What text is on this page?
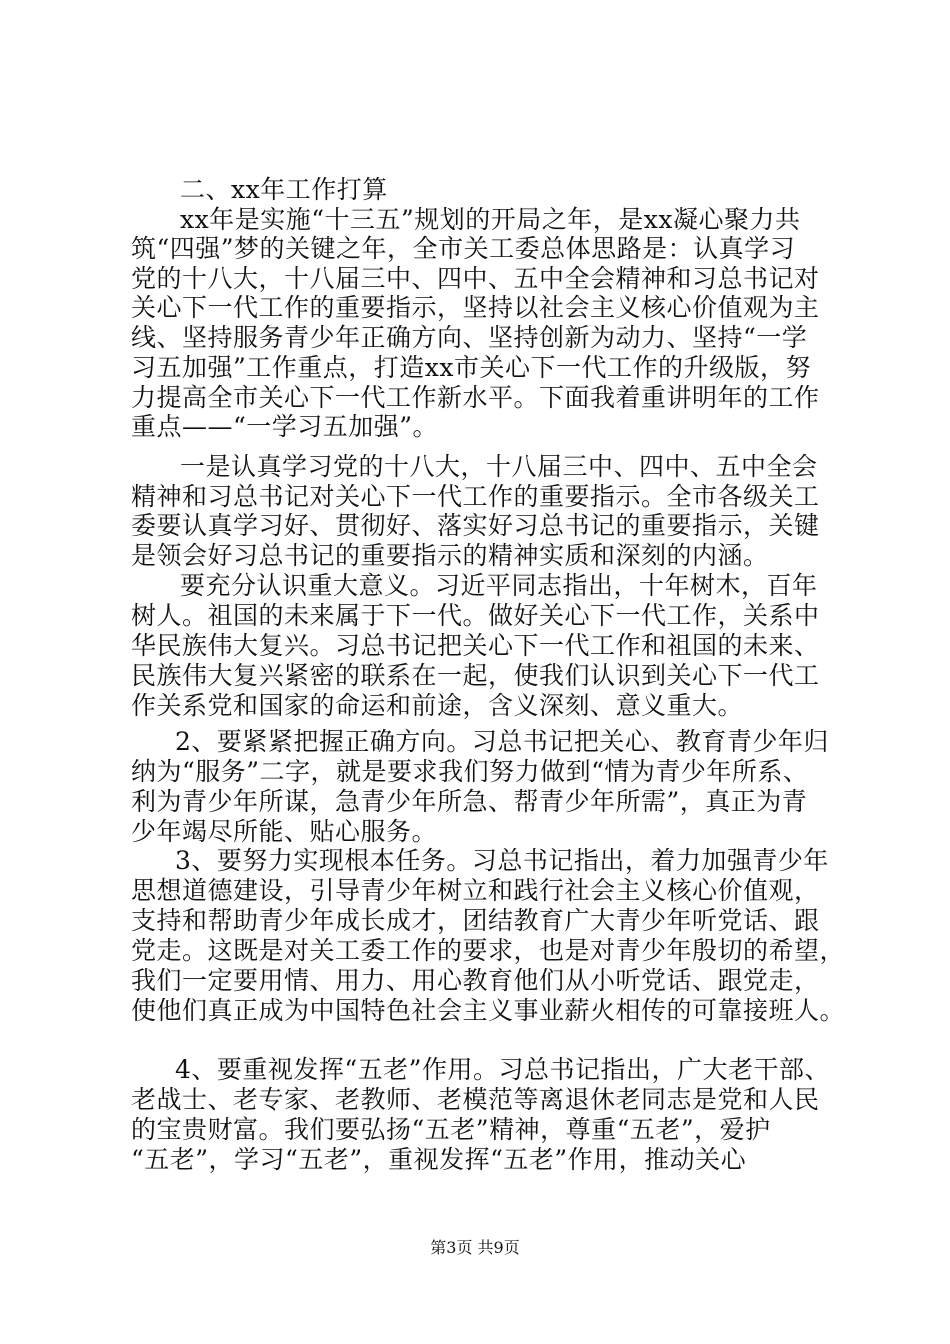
二、xx年工作打算
xx年是实施“十三五”规划的开局之年，是xx凝心聚力共
筑“四强”梦的关键之年，全市关工委总体思路是：认真学习
党的十八大，十八届三中、四中、五中全会精神和习总书记对
关心下一代工作的重要指示，坚持以社会主义核心价值观为主
线、坚持服务青少年正确方向、坚持创新为动力、坚持“一学
习五加强”工作重点，打造xx市关心下一代工作的升级版，努
力提高全市关心下一代工作新水平。下面我着重讲明年的工作
重点——“一学习五加强”。
一是认真学习党的十八大，十八届三中、四中、五中全会
精神和习总书记对关心下一代工作的重要指示。全市各级关工
委要认真学习好、贯彻好、落实好习总书记的重要指示，关键
是领会好习总书记的重要指示的精神实质和深刻的内涵。
要充分认识重大意义。习近平同志指出，十年树木，百年
树人。祖国的未来属于下一代。做好关心下一代工作，关系中
华民族伟大复兴。习总书记把关心下一代工作和祖国的未来、
民族伟大复兴紧密的联系在一起，使我们认识到关心下一代工
作关系党和国家的命运和前途，含义深刻、意义重大。
2、要紧紧把握正确方向。习总书记把关心、教育青少年归
纳为“服务”二字，就是要求我们努力做到“情为青少年所系、
利为青少年所谋，急青少年所急、帮青少年所需”，真正为青
少年竭尽所能、贴心服务。
3、要努力实现根本任务。习总书记指出，着力加强青少年
思想道德建设，引导青少年树立和践行社会主义核心价值观，
支持和帮助青少年成长成才，团结教育广大青少年听党话、跟
党走。这既是对关工委工作的要求，也是对青少年殷切的希望，
我们一定要用情、用力、用心教育他们从小听党话、跟党走，
使他们真正成为中国特色社会主义事业薪火相传的可靠接班人。
4、要重视发挥“五老”作用。习总书记指出，广大老干部、
老战士、老专家、老教师、老模范等离退休老同志是党和人民
的宝贵财富。我们要弘扬“五老”精神，尊重“五老”，爱护
“五老”，学习“五老”，重视发挥“五老”作用，推动关心
第3页 共9页
